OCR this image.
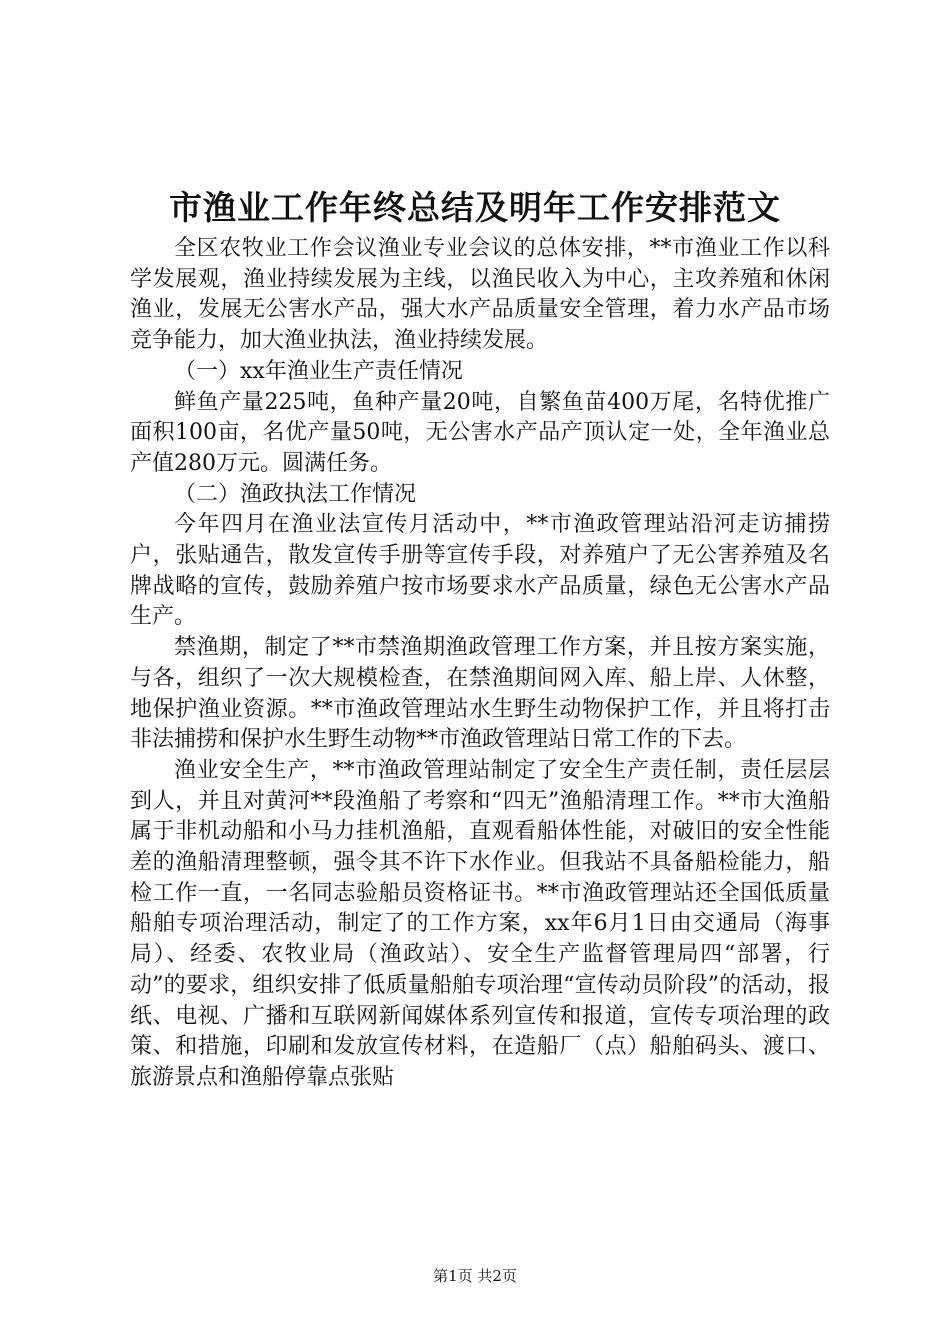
市渔业工作年终总结及明年工作安排范文

全区农牧业工作会议渔业专业会议的总体安排，**市渔业工作以科学发展观，渔业持续发展为主线，以渔民收入为中心，主攻养殖和休闲渔业，发展无公害水产品，强大水产品质量安全管理，着力水产品市场竞争能力，加大渔业执法，渔业持续发展。

（一）xx年渔业生产责任情况

鲜鱼产量225吨，鱼种产量20吨，自繁鱼苗400万尾，名特优推广面积100亩，名优产量50吨，无公害水产品产顶认定一处，全年渔业总产值280万元。圆满任务。

（二）渔政执法工作情况

今年四月在渔业法宣传月活动中，**市渔政管理站沿河走访捕捞户，张贴通告，散发宣传手册等宣传手段，对养殖户了无公害养殖及名牌战略的宣传，鼓励养殖户按市场要求水产品质量，绿色无公害水产品生产。

禁渔期，制定了**市禁渔期渔政管理工作方案，并且按方案实施，与各，组织了一次大规模检查，在禁渔期间网入库、船上岸、人休整，地保护渔业资源。**市渔政管理站水生野生动物保护工作，并且将打击非法捕捞和保护水生野生动物**市渔政管理站日常工作的下去。

渔业安全生产，**市渔政管理站制定了安全生产责任制，责任层层到人，并且对黄河**段渔船了考察和“四无”渔船清理工作。**市大渔船属于非机动船和小马力挂机渔船，直观看船体性能，对破旧的安全性能差的渔船清理整顿，强令其不许下水作业。但我站不具备船检能力，船检工作一直，一名同志验船员资格证书。**市渔政管理站还全国低质量船舶专项治理活动，制定了的工作方案，xx年6月1日由交通局（海事局）、经委、农牧业局（渔政站）、安全生产监督管理局四“部署，行动”的要求，组织安排了低质量船舶专项治理“宣传动员阶段”的活动，报纸、电视、广播和互联网新闻媒体系列宣传和报道，宣传专项治理的政策、和措施，印刷和发放宣传材料，在造船厂（点）船舶码头、渡口、旅游景点和渔船停靠点张贴

第1页 共2页
